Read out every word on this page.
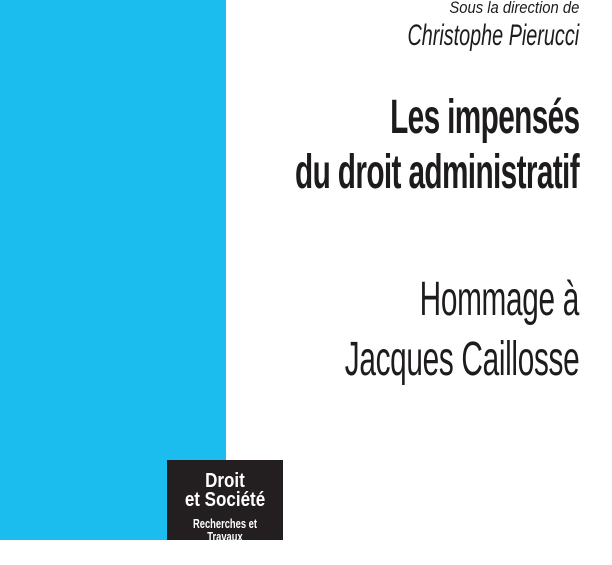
Sous la direction de
Christophe Pierucci
Les impensés
du droit administratif
Hommage à
Jacques Caillosse
Droit
et Société
Recherches et Travaux
35
